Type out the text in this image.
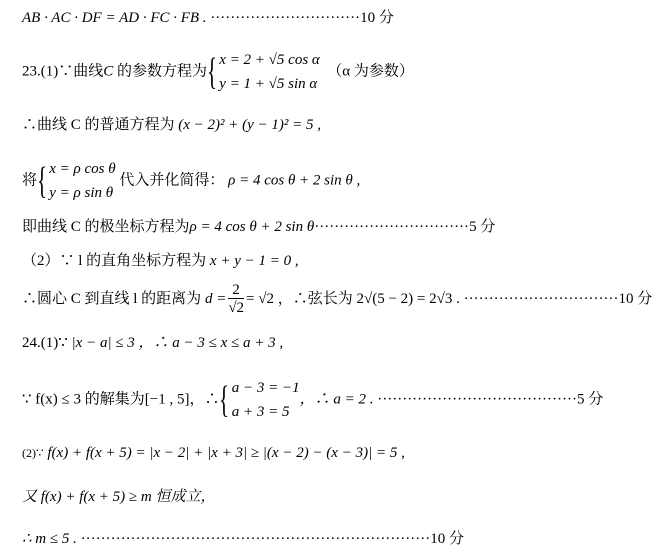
AB · AC · DF = AD · FC · FB . ······························10 分
23.(1)∵曲线C 的参数方程为{ x = 2 + √5 cos α
y = 1 + √5 sin α
（α 为参数）
∴曲线 C 的普通方程为 (x − 2)² + (y − 1)² = 5 ,
将{ x = ρ cos θ
y = ρ sin θ
代入并化简得： ρ = 4 cos θ + 2 sin θ ,
即曲线 C 的极坐标方程为ρ = 4 cos θ + 2 sin θ·······························5 分
（2）∵ l 的直角坐标方程为 x + y − 1 = 0 ,
∴圆心 C 到直线 l 的距离为 $d = \frac{2}{√2} = √2$ ，∴弦长为 2√(5 − 2) = 2√3 . ·······························10 分
24.(1)∵ |x − a| ≤ 3 ，∴ a − 3 ≤ x ≤ a + 3 ,
∵ f(x) ≤ 3 的解集为[−1 , 5]，∴{ a − 3 = −1
a + 3 = 5
，∴ a = 2 . ········································5 分
(2)∵ f(x) + f(x + 5) = |x − 2| + |x + 3| ≥ |(x − 2) − (x − 3)| = 5 ,
又 f(x) + f(x + 5) ≥ m 恒成立，
∴ m ≤ 5 . ······································································10 分
